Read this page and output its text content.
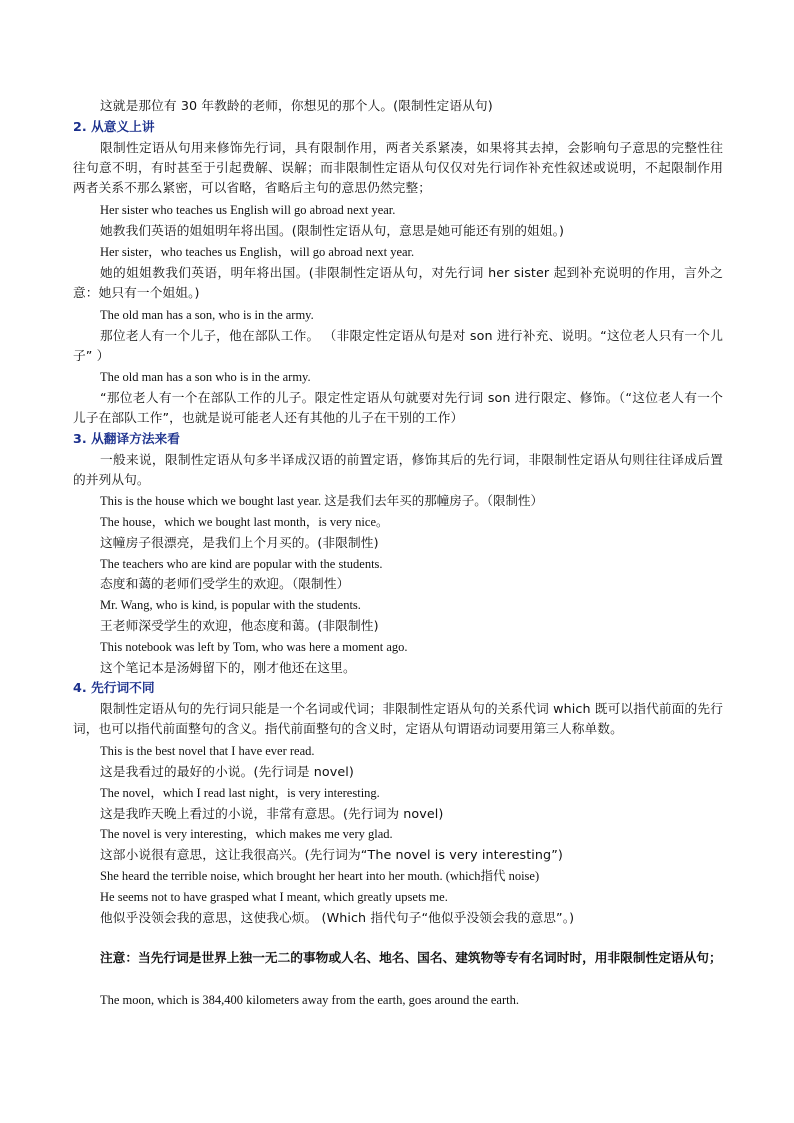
这就是那位有 30 年教龄的老师，你想见的那个人。(限制性定语从句)

2. 从意义上讲

限制性定语从句用来修饰先行词，具有限制作用，两者关系紧凑，如果将其去掉，会影响句子意思的完整性往往句意不明，有时甚至于引起费解、误解；而非限制性定语从句仅仅对先行词作补充性叙述或说明，不起限制作用两者关系不那么紧密，可以省略，省略后主句的意思仍然完整；

Her sister who teaches us English will go abroad next year.

她教我们英语的姐姐明年将出国。(限制性定语从句，意思是她可能还有别的姐姐。)

Her sister，who teaches us English，will go abroad next year.

她的姐姐教我们英语，明年将出国。(非限制性定语从句，对先行词 her sister 起到补充说明的作用，言外之意：她只有一个姐姐。)

The old man has a son, who is in the army.

那位老人有一个儿子，他在部队工作。 （非限定性定语从句是对 son 进行补充、说明。“这位老人只有一个儿子” ）

The old man has a son who is in the army.

“那位老人有一个在部队工作的儿子。限定性定语从句就要对先行词 son 进行限定、修饰。（“这位老人有一个儿子在部队工作”，也就是说可能老人还有其他的儿子在干别的工作）

3. 从翻译方法来看

一般来说，限制性定语从句多半译成汉语的前置定语，修饰其后的先行词，非限制性定语从句则往往译成后置的并列从句。

This is the house which we bought last year. 这是我们去年买的那幢房子。（限制性）

The house，which we bought last month，is very nice。

这幢房子很漂亮，是我们上个月买的。(非限制性)

The teachers who are kind are popular with the students.

态度和蔼的老师们受学生的欢迎。（限制性）

Mr. Wang, who is kind, is popular with the students.

王老师深受学生的欢迎，他态度和蔼。(非限制性)

This notebook was left by Tom, who was here a moment ago.

这个笔记本是汤姆留下的，刚才他还在这里。

4. 先行词不同

限制性定语从句的先行词只能是一个名词或代词；非限制性定语从句的关系代词 which 既可以指代前面的先行词，也可以指代前面整句的含义。指代前面整句的含义时，定语从句谓语动词要用第三人称单数。

This is the best novel that I have ever read.

这是我看过的最好的小说。(先行词是 novel)

The novel，which I read last night，is very interesting.

这是我昨天晚上看过的小说，非常有意思。(先行词为 novel)

The novel is very interesting，which makes me very glad.

这部小说很有意思，这让我很高兴。(先行词为“The novel is very interesting”)

She heard the terrible noise, which brought her heart into her mouth. (which指代 noise)

He seems not to have grasped what I meant, which greatly upsets me.

他似乎没领会我的意思，这使我心烦。 (Which 指代句子“他似乎没领会我的意思”。)

注意：当先行词是世界上独一无二的事物或人名、地名、国名、建筑物等专有名词时时，用非限制性定语从句；

The moon, which is 384,400 kilometers away from the earth, goes around the earth.
